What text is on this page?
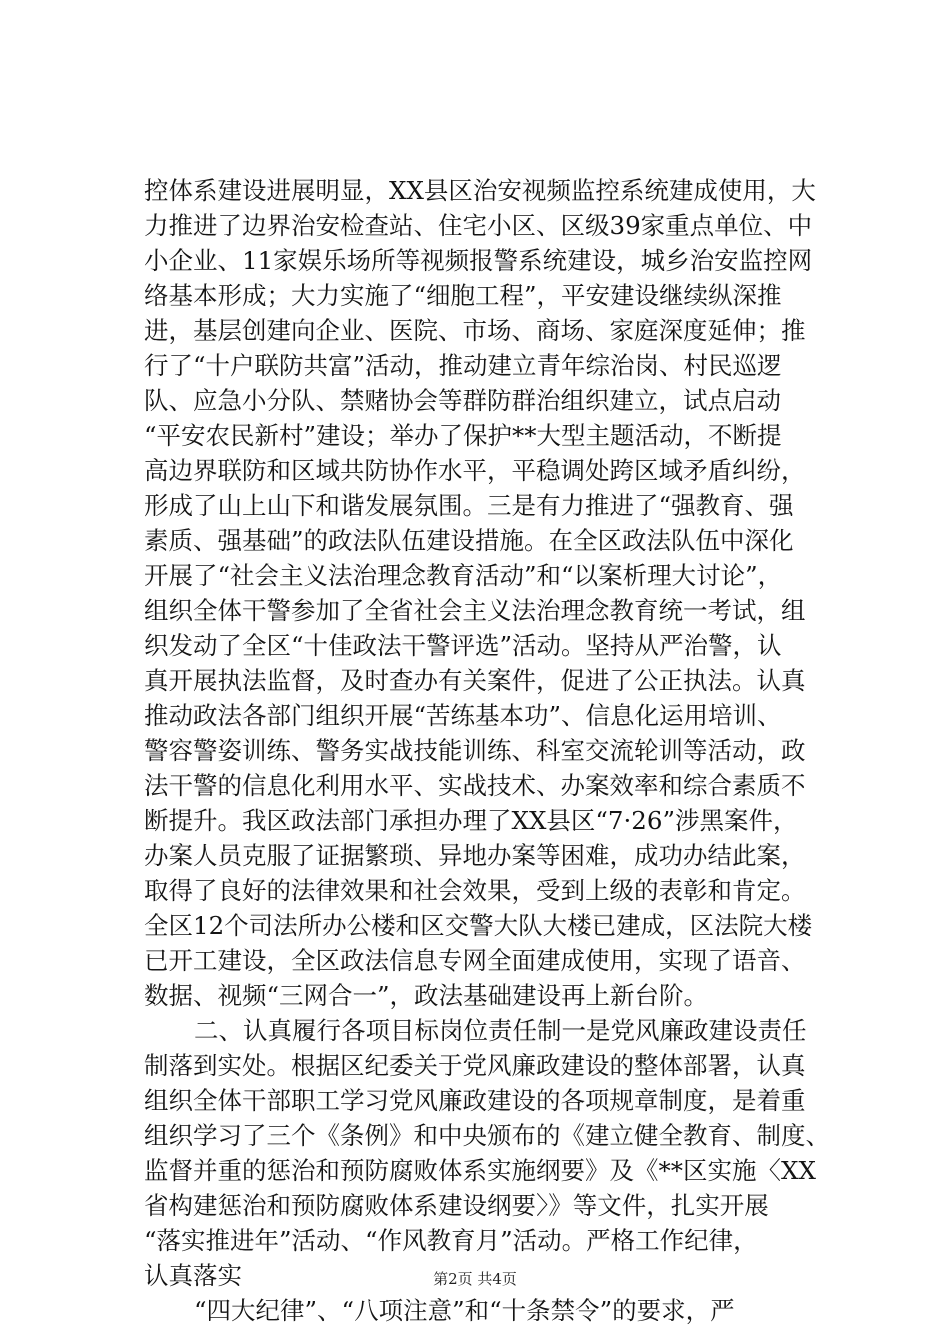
控体系建设进展明显，XX县区治安视频监控系统建成使用，大
力推进了边界治安检查站、住宅小区、区级39家重点单位、中
小企业、11家娱乐场所等视频报警系统建设，城乡治安监控网
络基本形成；大力实施了“细胞工程”，平安建设继续纵深推
进，基层创建向企业、医院、市场、商场、家庭深度延伸；推
行了“十户联防共富”活动，推动建立青年综治岗、村民巡逻
队、应急小分队、禁赌协会等群防群治组织建立，试点启动
“平安农民新村”建设；举办了保护**大型主题活动，不断提
高边界联防和区域共防协作水平，平稳调处跨区域矛盾纠纷，
形成了山上山下和谐发展氛围。三是有力推进了“强教育、强
素质、强基础”的政法队伍建设措施。在全区政法队伍中深化
开展了“社会主义法治理念教育活动”和“以案析理大讨论”，
组织全体干警参加了全省社会主义法治理念教育统一考试，组
织发动了全区“十佳政法干警评选”活动。坚持从严治警，认
真开展执法监督，及时查办有关案件，促进了公正执法。认真
推动政法各部门组织开展“苦练基本功”、信息化运用培训、
警容警姿训练、警务实战技能训练、科室交流轮训等活动，政
法干警的信息化利用水平、实战技术、办案效率和综合素质不
断提升。我区政法部门承担办理了XX县区“7·26”涉黑案件，
办案人员克服了证据繁琐、异地办案等困难，成功办结此案，
取得了良好的法律效果和社会效果，受到上级的表彰和肯定。
全区12个司法所办公楼和区交警大队大楼已建成，区法院大楼
已开工建设，全区政法信息专网全面建成使用，实现了语音、
数据、视频“三网合一”，政法基础建设再上新台阶。
二、认真履行各项目标岗位责任制一是党风廉政建设责任
制落到实处。根据区纪委关于党风廉政建设的整体部署，认真
组织全体干部职工学习党风廉政建设的各项规章制度，是着重
组织学习了三个《条例》和中央颁布的《建立健全教育、制度、
监督并重的惩治和预防腐败体系实施纲要》及《**区实施〈XX
省构建惩治和预防腐败体系建设纲要〉》等文件，扎实开展
“落实推进年”活动、“作风教育月”活动。严格工作纪律，
认真落实
“四大纪律”、“八项注意”和“十条禁令”的要求，严
第2页 共4页
